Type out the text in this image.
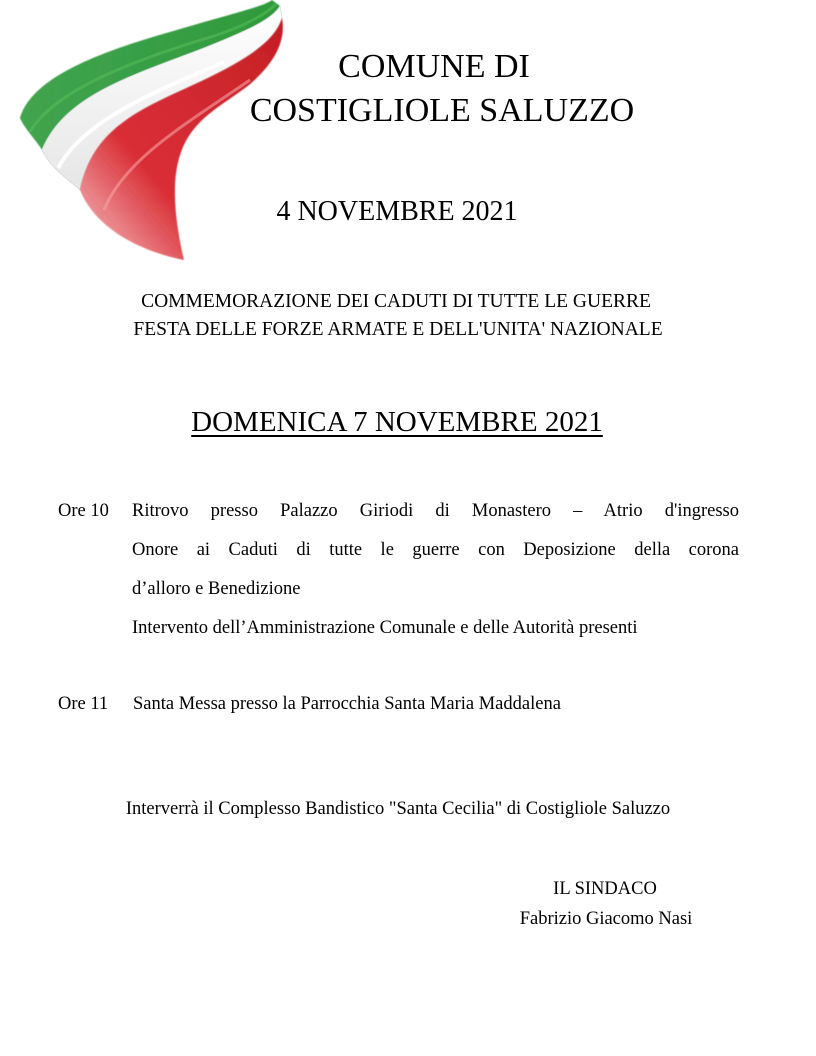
COMUNE DI
COSTIGLIOLE SALUZZO
4 NOVEMBRE 2021
COMMEMORAZIONE DEI CADUTI DI TUTTE LE GUERRE
FESTA DELLE FORZE ARMATE E DELL'UNITA' NAZIONALE
DOMENICA 7 NOVEMBRE 2021
Ore 10 Ritrovo presso Palazzo Giriodi di Monastero – Atrio d'ingresso
Onore ai Caduti di tutte le guerre con Deposizione della corona
d’alloro e Benedizione
Intervento dell’Amministrazione Comunale e delle Autorità presenti
Ore 11 Santa Messa presso la Parrocchia Santa Maria Maddalena
Interverrà il Complesso Bandistico "Santa Cecilia" di Costigliole Saluzzo
IL SINDACO
Fabrizio Giacomo Nasi
